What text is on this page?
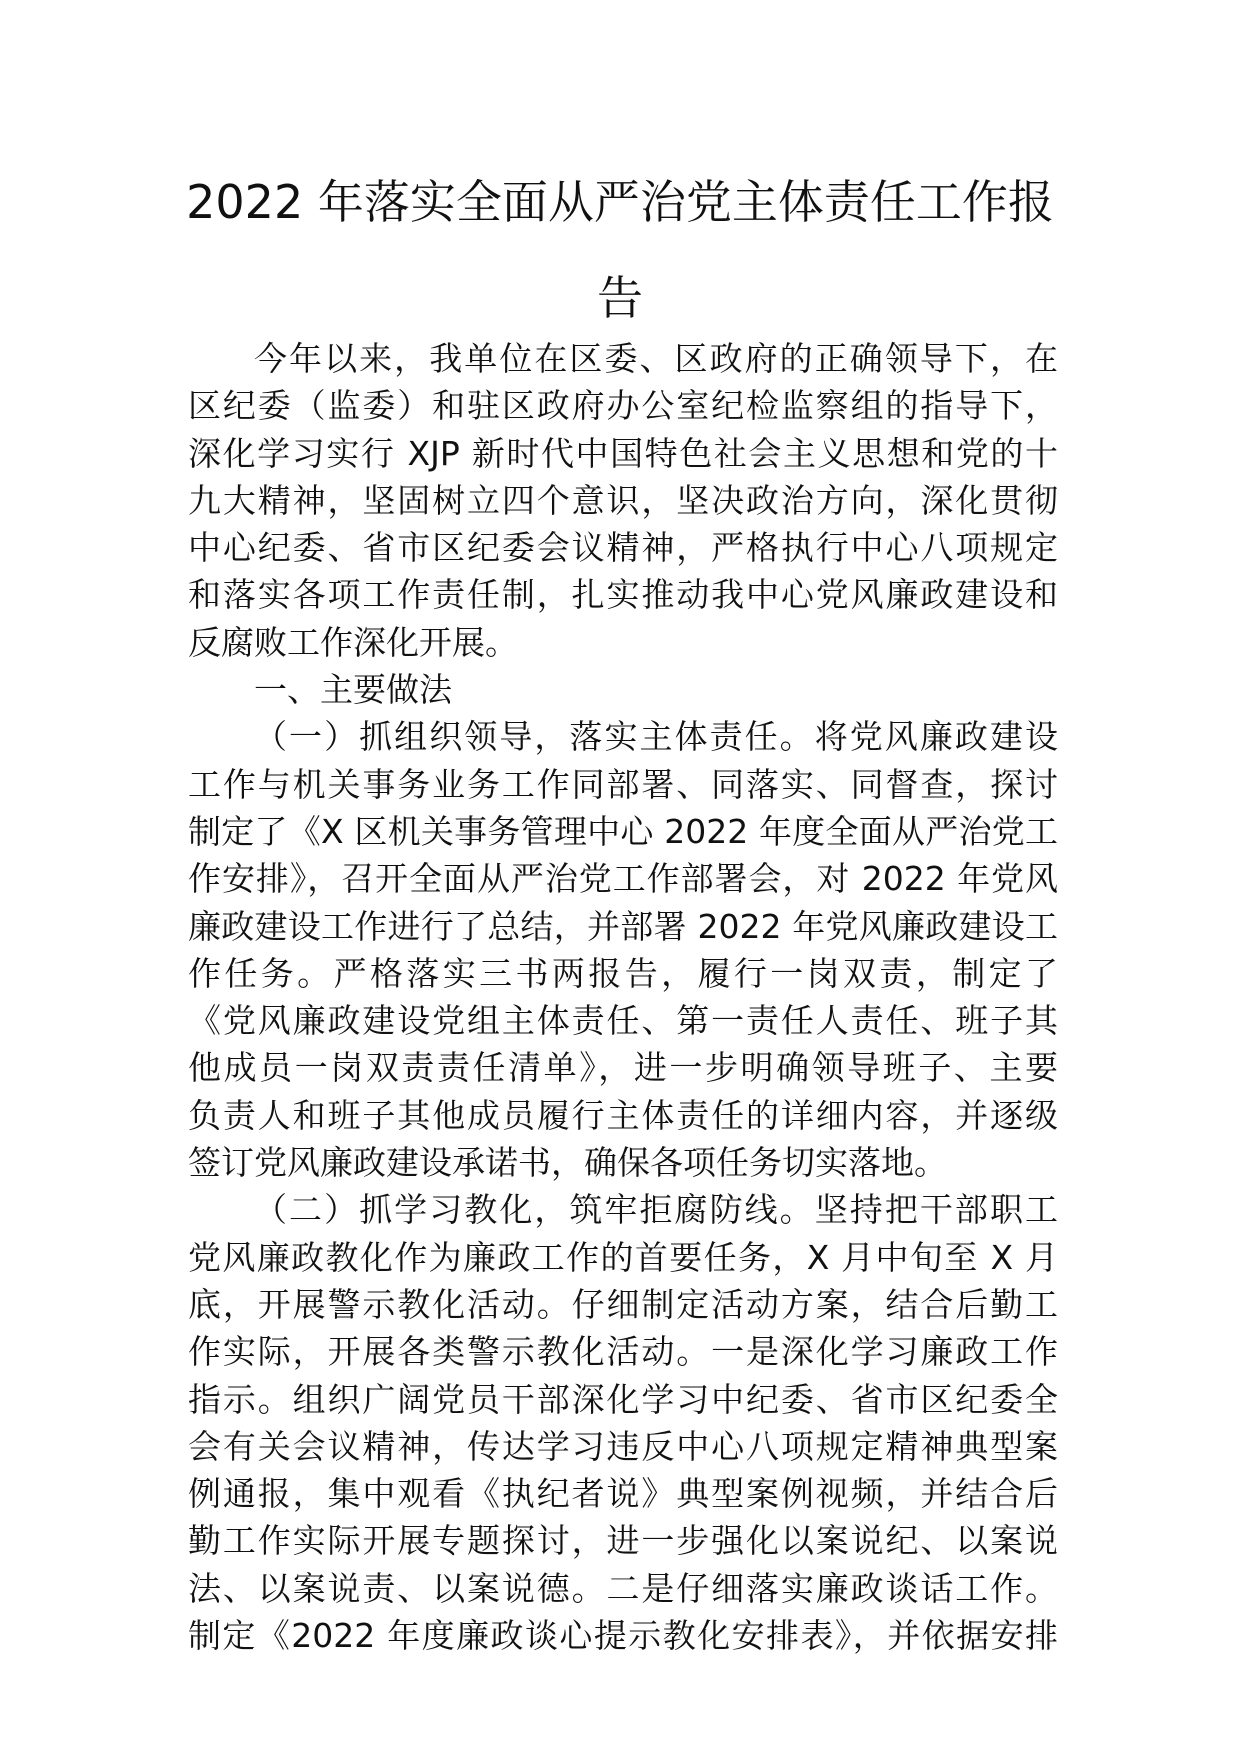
2022 年落实全面从严治党主体责任工作报
告
今年以来，我单位在区委、区政府的正确领导下，在
区纪委（监委）和驻区政府办公室纪检监察组的指导下，
深化学习实行 XJP 新时代中国特色社会主义思想和党的十
九大精神，坚固树立四个意识，坚决政治方向，深化贯彻
中心纪委、省市区纪委会议精神，严格执行中心八项规定
和落实各项工作责任制，扎实推动我中心党风廉政建设和
反腐败工作深化开展。
一、主要做法
（一）抓组织领导，落实主体责任。将党风廉政建设
工作与机关事务业务工作同部署、同落实、同督查，探讨
制定了《X 区机关事务管理中心 2022 年度全面从严治党工
作安排》，召开全面从严治党工作部署会，对 2022 年党风
廉政建设工作进行了总结，并部署 2022 年党风廉政建设工
作任务。严格落实三书两报告，履行一岗双责，制定了
《党风廉政建设党组主体责任、第一责任人责任、班子其
他成员一岗双责责任清单》，进一步明确领导班子、主要
负责人和班子其他成员履行主体责任的详细内容，并逐级
签订党风廉政建设承诺书，确保各项任务切实落地。
（二）抓学习教化，筑牢拒腐防线。坚持把干部职工
党风廉政教化作为廉政工作的首要任务，X 月中旬至 X 月
底，开展警示教化活动。仔细制定活动方案，结合后勤工
作实际，开展各类警示教化活动。一是深化学习廉政工作
指示。组织广阔党员干部深化学习中纪委、省市区纪委全
会有关会议精神，传达学习违反中心八项规定精神典型案
例通报，集中观看《执纪者说》典型案例视频，并结合后
勤工作实际开展专题探讨，进一步强化以案说纪、以案说
法、以案说责、以案说德。二是仔细落实廉政谈话工作。
制定《2022 年度廉政谈心提示教化安排表》，并依据安排
